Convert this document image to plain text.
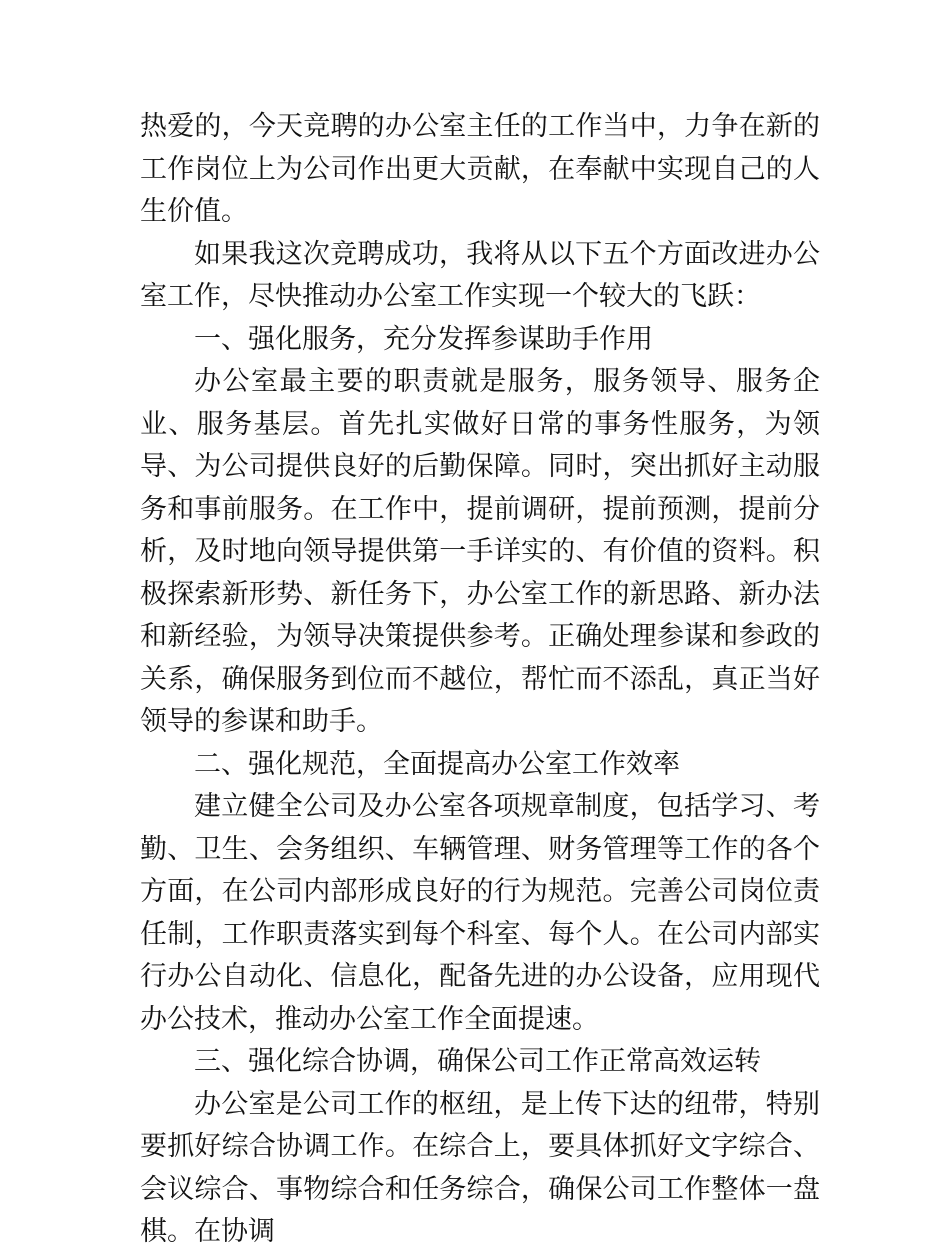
热爱的，今天竞聘的办公室主任的工作当中，力争在新的工作岗位上为公司作出更大贡献，在奉献中实现自己的人生价值。

如果我这次竞聘成功，我将从以下五个方面改进办公室工作，尽快推动办公室工作实现一个较大的飞跃：

一、强化服务，充分发挥参谋助手作用

办公室最主要的职责就是服务，服务领导、服务企业、服务基层。首先扎实做好日常的事务性服务，为领导、为公司提供良好的后勤保障。同时，突出抓好主动服务和事前服务。在工作中，提前调研，提前预测，提前分析，及时地向领导提供第一手详实的、有价值的资料。积极探索新形势、新任务下，办公室工作的新思路、新办法和新经验，为领导决策提供参考。正确处理参谋和参政的关系，确保服务到位而不越位，帮忙而不添乱，真正当好领导的参谋和助手。

二、强化规范，全面提高办公室工作效率

建立健全公司及办公室各项规章制度，包括学习、考勤、卫生、会务组织、车辆管理、财务管理等工作的各个方面，在公司内部形成良好的行为规范。完善公司岗位责任制，工作职责落实到每个科室、每个人。在公司内部实行办公自动化、信息化，配备先进的办公设备，应用现代办公技术，推动办公室工作全面提速。

三、强化综合协调，确保公司工作正常高效运转

办公室是公司工作的枢纽，是上传下达的纽带，特别要抓好综合协调工作。在综合上，要具体抓好文字综合、会议综合、事物综合和任务综合，确保公司工作整体一盘棋。在协调
